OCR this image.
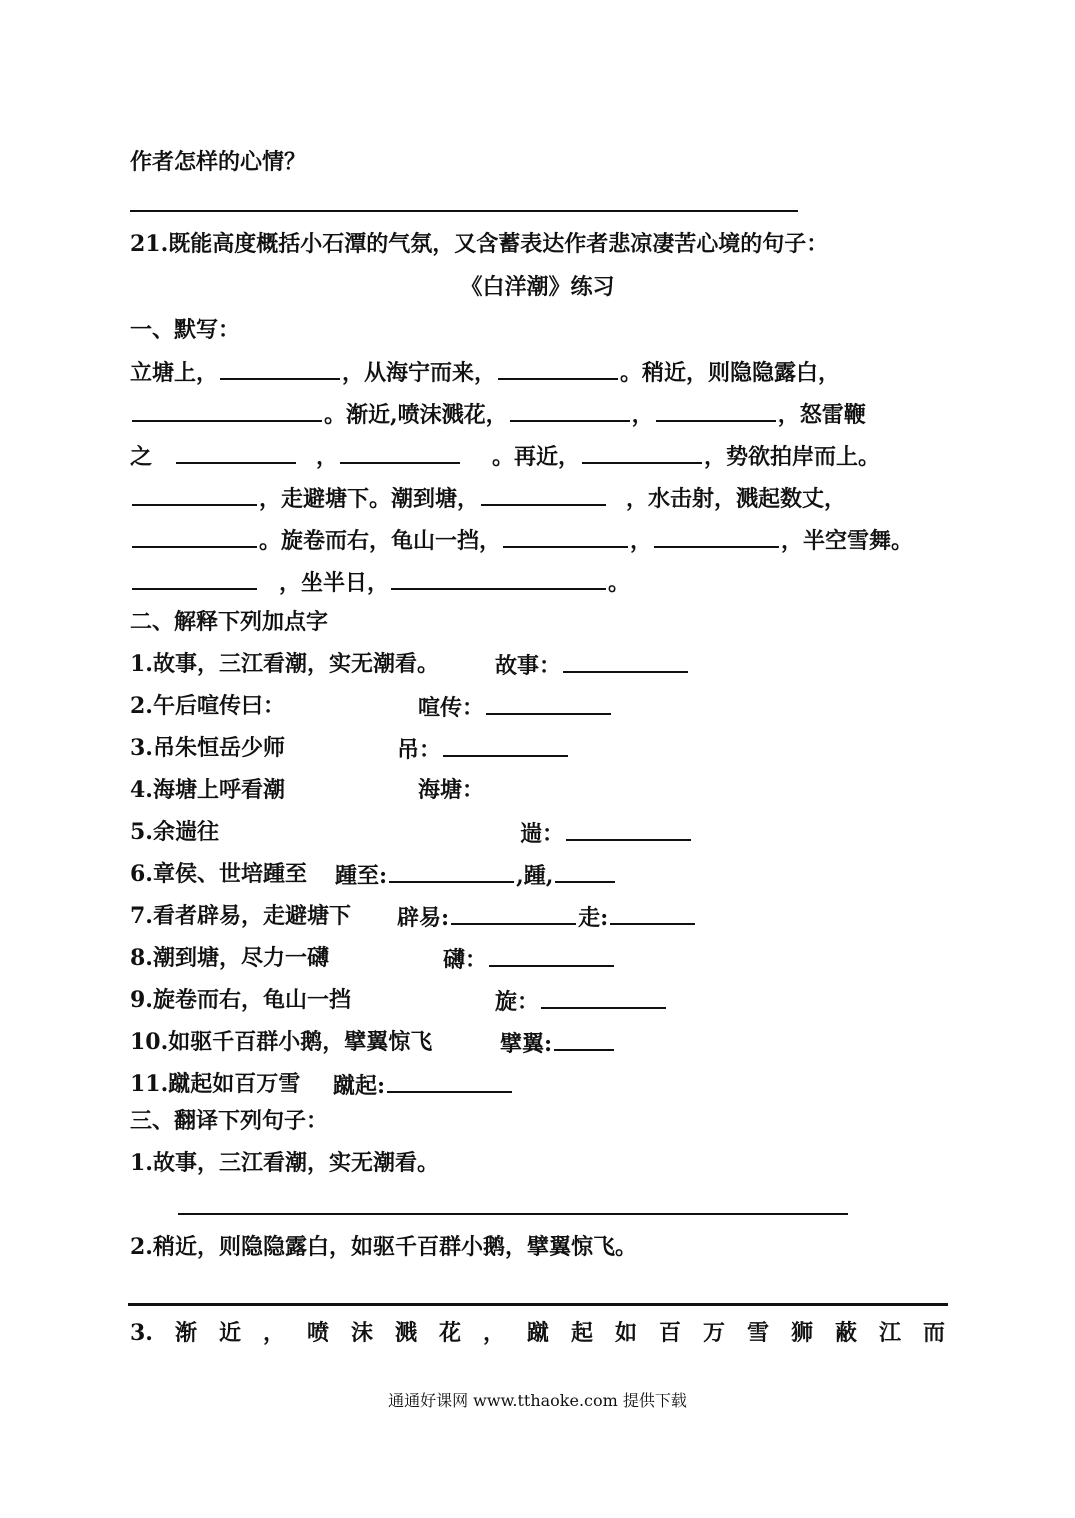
作者怎样的心情？
21.既能高度概括小石潭的气氛，又含蓄表达作者悲凉凄苦心境的句子：
《白洋潮》练习
一、默写：
立塘上，	，从海宁而来，	。稍近，则隐隐露白，
。渐近,喷沫溅花，	，	，怒雷鞭
之	，	。再近，	，势欲拍岸而上。
，走避塘下。潮到塘，	，水击射，溅起数丈，
。旋卷而右，龟山一挡，	，	，半空雪舞。
，坐半日，	。
二、解释下列加点字
1.故事，三江看潮，实无潮看。	故事：
2.午后喧传曰：	喧传：
3.吊朱恒岳少师	吊：
4.海塘上呼看潮	海塘：
5.余遄往	遄：
6.章侯、世培踵至 踵至:	,踵,
7.看者辟易，走避塘下 辟易:	走:
8.潮到塘，尽力一礴	礴：
9.旋卷而右，龟山一挡	旋：
10.如驱千百群小鹅，擘翼惊飞	擘翼:
11.蹴起如百万雪 蹴起:
三、翻译下列句子：
1.故事，三江看潮，实无潮看。
2.稍近，则隐隐露白，如驱千百群小鹅，擘翼惊飞。
3. 渐 近 ， 喷 沫 溅 花 ， 蹴 起 如 百 万 雪 狮 蔽 江 而
通通好课网 www.tthaoke.com 提供下载
